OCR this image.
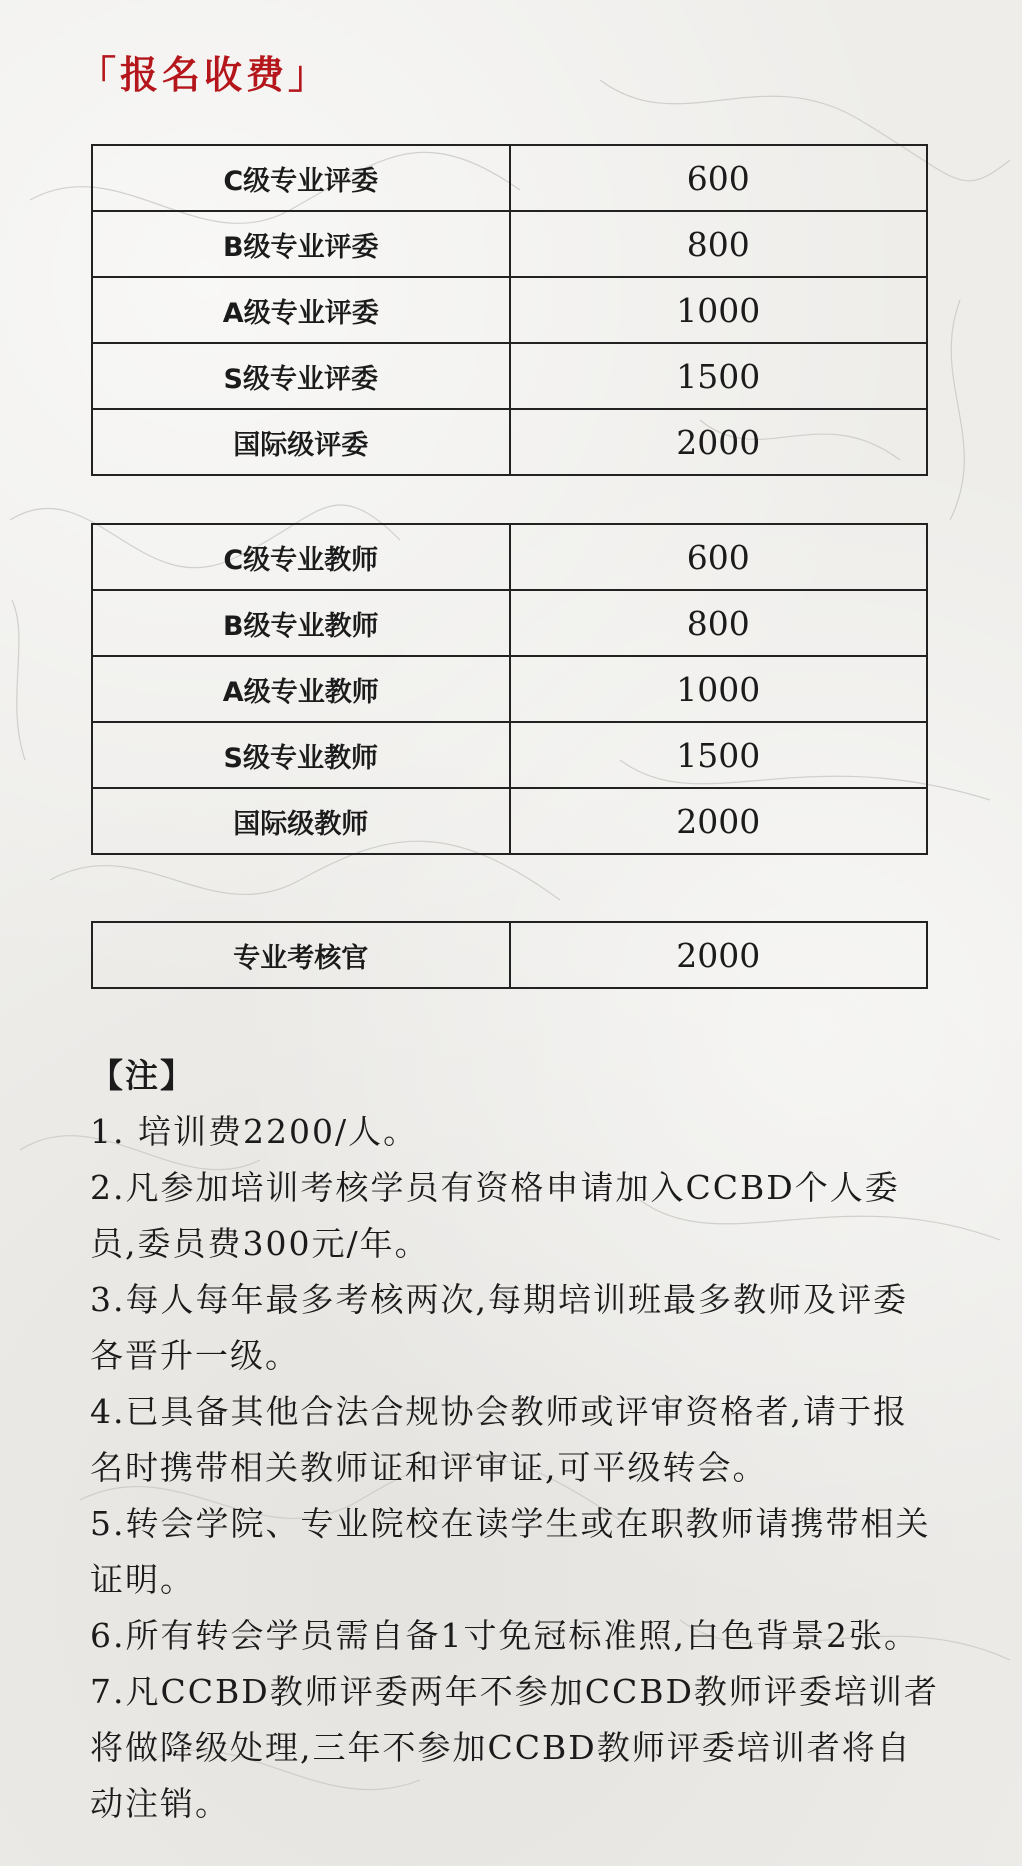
「报名收费」
C级专业评委	600
B级专业评委	800
A级专业评委	1000
S级专业评委	1500
国际级评委	2000
C级专业教师	600
B级专业教师	800
A级专业教师	1000
S级专业教师	1500
国际级教师	2000
专业考核官	2000

【注】

1. 培训费2200/人。

2.凡参加培训考核学员有资格申请加入CCBD个人委员,委员费300元/年。

3.每人每年最多考核两次,每期培训班最多教师及评委各晋升一级。

4.已具备其他合法合规协会教师或评审资格者,请于报名时携带相关教师证和评审证,可平级转会。

5.转会学院、专业院校在读学生或在职教师请携带相关证明。

6.所有转会学员需自备1寸免冠标准照,白色背景2张。

7.凡CCBD教师评委两年不参加CCBD教师评委培训者将做降级处理,三年不参加CCBD教师评委培训者将自动注销。
